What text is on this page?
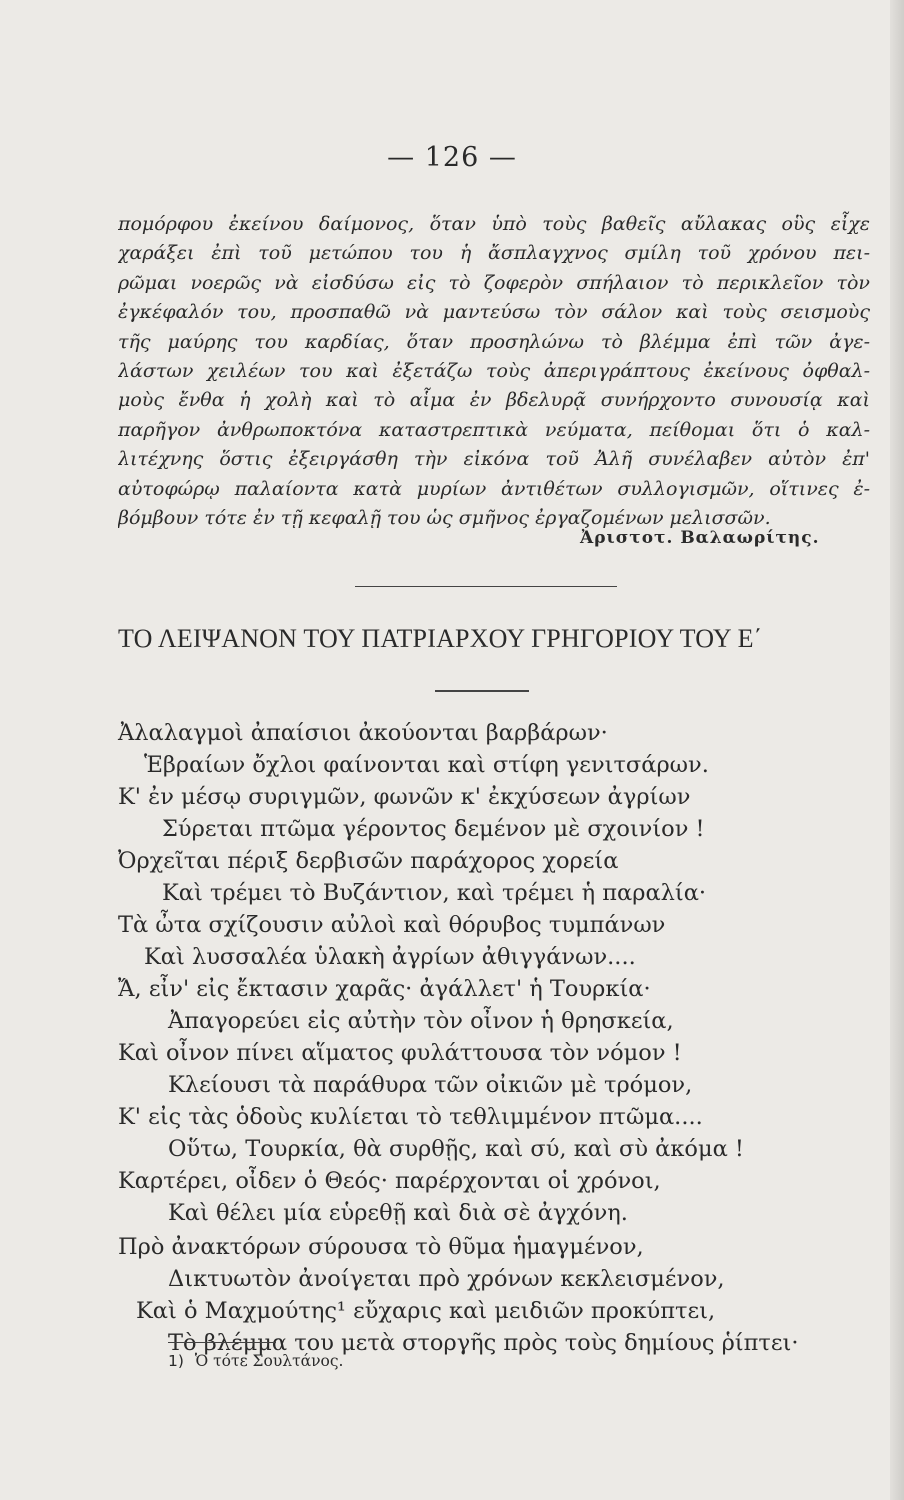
— 126 —
πομόρφου ἐκείνου δαίμονος, ὅταν ὑπὸ τοὺς βαθεῖς αὔλακας οὓς εἶχε
χαράξει ἐπὶ τοῦ μετώπου του ἡ ἄσπλαγχνος σμίλη τοῦ χρόνου πει-
ρῶμαι νοερῶς νὰ εἰσδύσω εἰς τὸ ζοφερὸν σπήλαιον τὸ περικλεῖον τὸν
ἐγκέφαλόν του, προσπαθῶ νὰ μαντεύσω τὸν σάλον καὶ τοὺς σεισμοὺς
τῆς μαύρης του καρδίας, ὅταν προσηλώνω τὸ βλέμμα ἐπὶ τῶν ἀγε-
λάστων χειλέων του καὶ ἐξετάζω τοὺς ἀπεριγράπτους ἐκείνους ὀφθαλ-
μοὺς ἔνθα ἡ χολὴ καὶ τὸ αἷμα ἐν βδελυρᾷ συνήρχοντο συνουσίᾳ καὶ
παρῆγον ἀνθρωποκτόνα καταστρεπτικὰ νεύματα, πείθομαι ὅτι ὁ καλ-
λιτέχνης ὅστις ἐξειργάσθη τὴν εἰκόνα τοῦ Ἀλῆ συνέλαβεν αὐτὸν ἐπ'
αὐτοφώρῳ παλαίοντα κατὰ μυρίων ἀντιθέτων συλλογισμῶν, οἵτινες ἐ-
βόμβουν τότε ἐν τῇ κεφαλῇ του ὡς σμῆνος ἐργαζομένων μελισσῶν.
Ἀριστοτ. Βαλαωρίτης.
ΤΟ ΛΕΙΨΑΝΟΝ ΤΟΥ ΠΑΤΡΙΑΡΧΟΥ ΓΡΗΓΟΡΙΟΥ ΤΟΥ Ε΄
Ἀλαλαγμοὶ ἀπαίσιοι ἀκούονται βαρβάρων·
Ἑβραίων ὄχλοι φαίνονται καὶ στίφη γενιτσάρων.
Κ' ἐν μέσῳ συριγμῶν, φωνῶν κ' ἐκχύσεων ἀγρίων
Σύρεται πτῶμα γέροντος δεμένον μὲ σχοινίον !
Ὀρχεῖται πέριξ δερβισῶν παράχορος χορεία
Καὶ τρέμει τὸ Βυζάντιον, καὶ τρέμει ἡ παραλία·
Τὰ ὦτα σχίζουσιν αὐλοὶ καὶ θόρυβος τυμπάνων
Καὶ λυσσαλέα ὑλακὴ ἀγρίων ἀθιγγάνων....
Ἄ, εἶν' εἰς ἔκτασιν χαρᾶς· ἀγάλλετ' ἡ Τουρκία·
Ἀπαγορεύει εἰς αὐτὴν τὸν οἶνον ἡ θρησκεία,
Καὶ οἶνον πίνει αἵματος φυλάττουσα τὸν νόμον !
Κλείουσι τὰ παράθυρα τῶν οἰκιῶν μὲ τρόμον,
Κ' εἰς τὰς ὁδοὺς κυλίεται τὸ τεθλιμμένον πτῶμα....
Οὕτω, Τουρκία, θὰ συρθῇς, καὶ σύ, καὶ σὺ ἀκόμα !
Καρτέρει, οἶδεν ὁ Θεός· παρέρχονται οἱ χρόνοι,
Καὶ θέλει μία εὑρεθῇ καὶ διὰ σὲ ἀγχόνη.
Πρὸ ἀνακτόρων σύρουσα τὸ θῦμα ἡμαγμένον,
Δικτυωτὸν ἀνοίγεται πρὸ χρόνων κεκλεισμένον,
Καὶ ὁ Μαχμούτης¹ εὔχαρις καὶ μειδιῶν προκύπτει,
Τὸ βλέμμα του μετὰ στοργῆς πρὸς τοὺς δημίους ῥίπτει·
1) Ὁ τότε Σουλτάνος.
